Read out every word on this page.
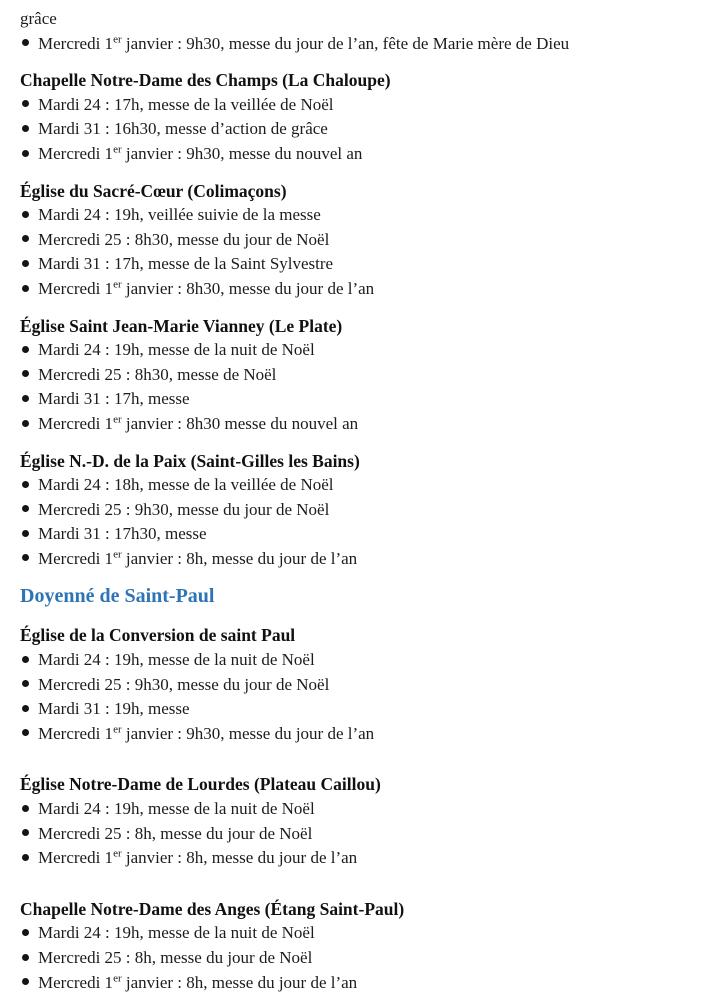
grâce

Mercredi 1er janvier : 9h30, messe du jour de l’an, fête de Marie mère de Dieu
Chapelle Notre-Dame des Champs (La Chaloupe)
Mardi 24 : 17h, messe de la veillée de Noël
Mardi 31 : 16h30, messe d’action de grâce
Mercredi 1er janvier : 9h30, messe du nouvel an
Église du Sacré-Cœur (Colimaçons)
Mardi 24 : 19h, veillée suivie de la messe
Mercredi 25 : 8h30, messe du jour de Noël
Mardi 31 : 17h, messe de la Saint Sylvestre
Mercredi 1er janvier : 8h30, messe du jour de l’an
Église Saint Jean-Marie Vianney (Le Plate)
Mardi 24 : 19h, messe de la nuit de Noël
Mercredi 25 : 8h30, messe de Noël
Mardi 31 : 17h, messe
Mercredi 1er janvier : 8h30 messe du nouvel an
Église N.-D. de la Paix (Saint-Gilles les Bains)
Mardi 24 : 18h, messe de la veillée de Noël
Mercredi 25 : 9h30, messe du jour de Noël
Mardi 31 : 17h30, messe
Mercredi 1er janvier : 8h, messe du jour de l’an
Doyenné de Saint-Paul
Église de la Conversion de saint Paul
Mardi 24 : 19h, messe de la nuit de Noël
Mercredi 25 : 9h30, messe du jour de Noël
Mardi 31 : 19h, messe
Mercredi 1er janvier : 9h30, messe du jour de l’an
Église Notre-Dame de Lourdes (Plateau Caillou)
Mardi 24 : 19h, messe de la nuit de Noël
Mercredi 25 : 8h, messe du jour de Noël
Mercredi 1er janvier : 8h, messe du jour de l’an
Chapelle Notre-Dame des Anges (Étang Saint-Paul)
Mardi 24 : 19h, messe de la nuit de Noël
Mercredi 25 : 8h, messe du jour de Noël
Mercredi 1er janvier : 8h, messe du jour de l’an
